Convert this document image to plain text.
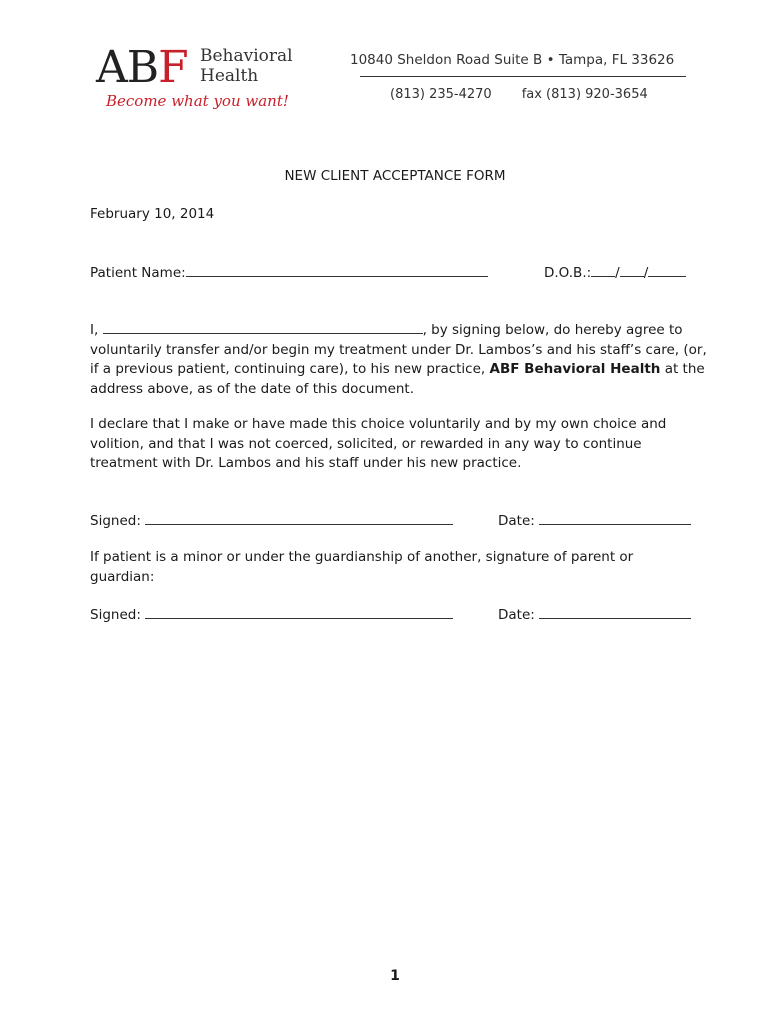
ABF Behavioral
Health
Become what you want!
10840 Sheldon Road Suite B • Tampa, FL 33626
(813) 235-4270 fax (813) 920-3654
NEW CLIENT ACCEPTANCE FORM
February 10, 2014
Patient Name:	D.O.B.: / /
I,	, by signing below, do hereby agree to voluntarily transfer and/or begin my treatment under Dr. Lambos’s and his staff’s care, (or, if a previous patient, continuing care), to his new practice, ABF Behavioral Health at the address above, as of the date of this document.
I declare that I make or have made this choice voluntarily and by my own choice and volition, and that I was not coerced, solicited, or rewarded in any way to continue treatment with Dr. Lambos and his staff under his new practice.
Signed:	Date:
If patient is a minor or under the guardianship of another, signature of parent or guardian:
Signed:	Date:
1
